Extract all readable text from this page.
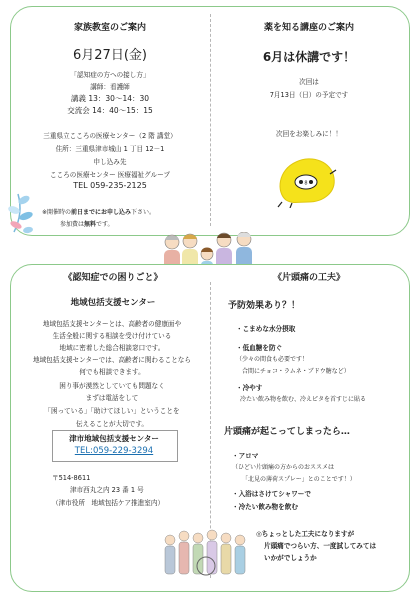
家族教室のご案内
6月27日(金)
「認知症の方への接し方」
講師：看護師
講義 13：30～14：30
交流会 14：40～15：15
三重県立こころの医療センター（2 階 講堂）
住所：三重県津市城山 1 丁目 12－1
申し込み先
こころの医療センター 医療福祉グループ
TEL 059-235-2125
※開催時の前日までにお申し込み下さい。
参加費は無料です。
薬を知る講座のご案内
6月は休講です！
次回は
7月13日（日）の予定です
次回をお楽しみに！！
8
《認知症での困りごと》
地域包括支援センター
地域包括支援センターとは、高齢者の健康面や
生活全般に関する相談を受け付けている
地域に密着した総合相談窓口です。
地域包括支援センターでは、高齢者に関わることなら
何でも相談できます。
困り事が漠然としていても問題なく
まずは電話をして
「困っている」「助けてほしい」ということを
伝えることが大切です。
津市地域包括支援センター
TEL:059-229-3294
〒514-8611
津市西丸之内 23 番 1 号
（津市役所　地域包括ケア推進室内）
《片頭痛の工夫》
予防効果あり？！
・こまめな水分摂取
・低血糖を防ぐ
（少々の間食も必要です！
合間にチョコ・ラムネ・ブドウ糖など）
・冷やす
冷たい飲み物を飲む、冷えピタを首すじに貼る
片頭痛が起こってしまったら…
・アロマ
（ひどい片頭痛の方からのおススメは
「北見の薄荷スプレー」とのことです！）
・入浴はさけてシャワーで
・冷たい飲み物を飲む
◎ちょっとした工夫になりますが
片頭痛でつらい方、一度試してみては
いかがでしょうか
